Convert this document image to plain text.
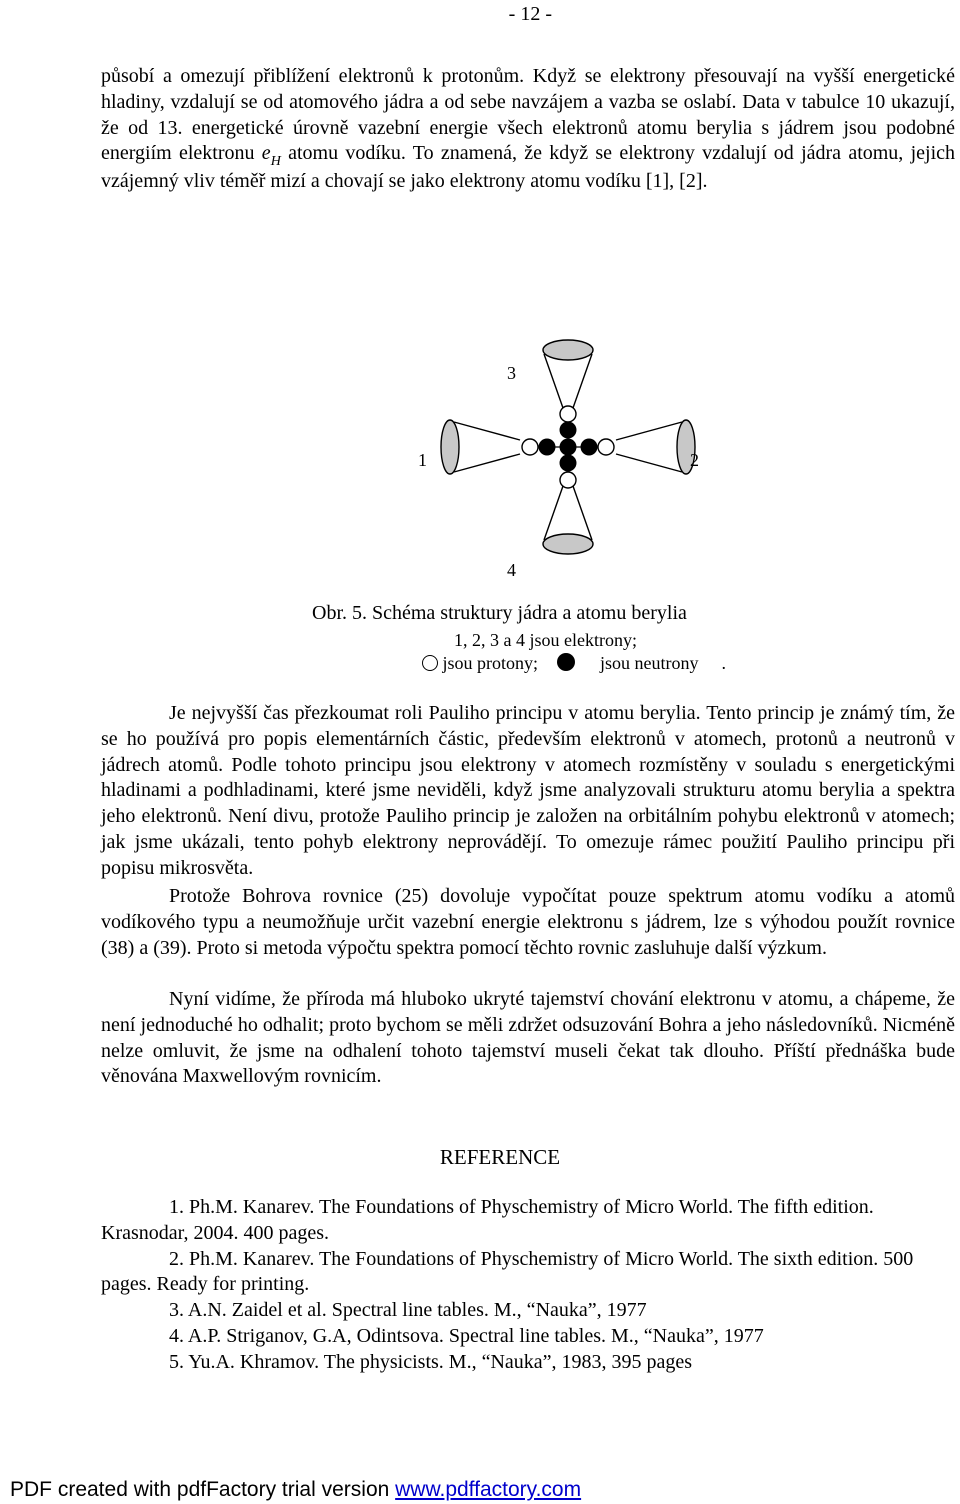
- 12 -

působí a omezují přiblížení elektronů k protonům. Když se elektrony přesouvají na vyšší energetické hladiny, vzdalují se od atomového jádra a od sebe navzájem a vazba se oslabí. Data v tabulce 10 ukazují, že od 13. energetické úrovně vazební energie všech elektronů atomu berylia s jádrem jsou podobné energiím elektronu $e_H$ atomu vodíku. To znamená, že když se elektrony vzdalují od jádra atomu, jejich vzájemný vliv téměř mizí a chovají se jako elektrony atomu vodíku [1], [2].

3
1	2
4
Obr. 5. Schéma struktury jádra a atomu berylia
1, 2, 3 a 4 jsou elektrony;
jsou protony;	jsou neutrony .

Je nejvyšší čas přezkoumat roli Pauliho principu v atomu berylia. Tento princip je známý tím, že se ho používá pro popis elementárních částic, především elektronů v atomech, protonů a neutronů v jádrech atomů. Podle tohoto principu jsou elektrony v atomech rozmístěny v souladu s energetickými hladinami a podhladinami, které jsme neviděli, když jsme analyzovali strukturu atomu berylia a spektra jeho elektronů. Není divu, protože Pauliho princip je založen na orbitálním pohybu elektronů v atomech; jak jsme ukázali, tento pohyb elektrony neprovádějí. To omezuje rámec použití Pauliho principu při popisu mikrosvěta.

Protože Bohrova rovnice (25) dovoluje vypočítat pouze spektrum atomu vodíku a atomů vodíkového typu a neumožňuje určit vazební energie elektronu s jádrem, lze s výhodou použít rovnice (38) a (39). Proto si metoda výpočtu spektra pomocí těchto rovnic zasluhuje další výzkum.

Nyní vidíme, že příroda má hluboko ukryté tajemství chování elektronu v atomu, a chápeme, že není jednoduché ho odhalit; proto bychom se měli zdržet odsuzování Bohra a jeho následovníků. Nicméně nelze omluvit, že jsme na odhalení tohoto tajemství museli čekat tak dlouho. Příští přednáška bude věnována Maxwellovým rovnicím.

REFERENCE
1. Ph.M. Kanarev. The Foundations of Physchemistry of Micro World. The fifth edition. Krasnodar, 2004. 400 pages.
2. Ph.M. Kanarev. The Foundations of Physchemistry of Micro World. The sixth edition. 500 pages. Ready for printing.
3. A.N. Zaidel et al. Spectral line tables. M., “Nauka”, 1977
4. A.P. Striganov, G.A, Odintsova. Spectral line tables. M., “Nauka”, 1977
5. Yu.A. Khramov. The physicists. M., “Nauka”, 1983, 395 pages
PDF created with pdfFactory trial version www.pdffactory.com
